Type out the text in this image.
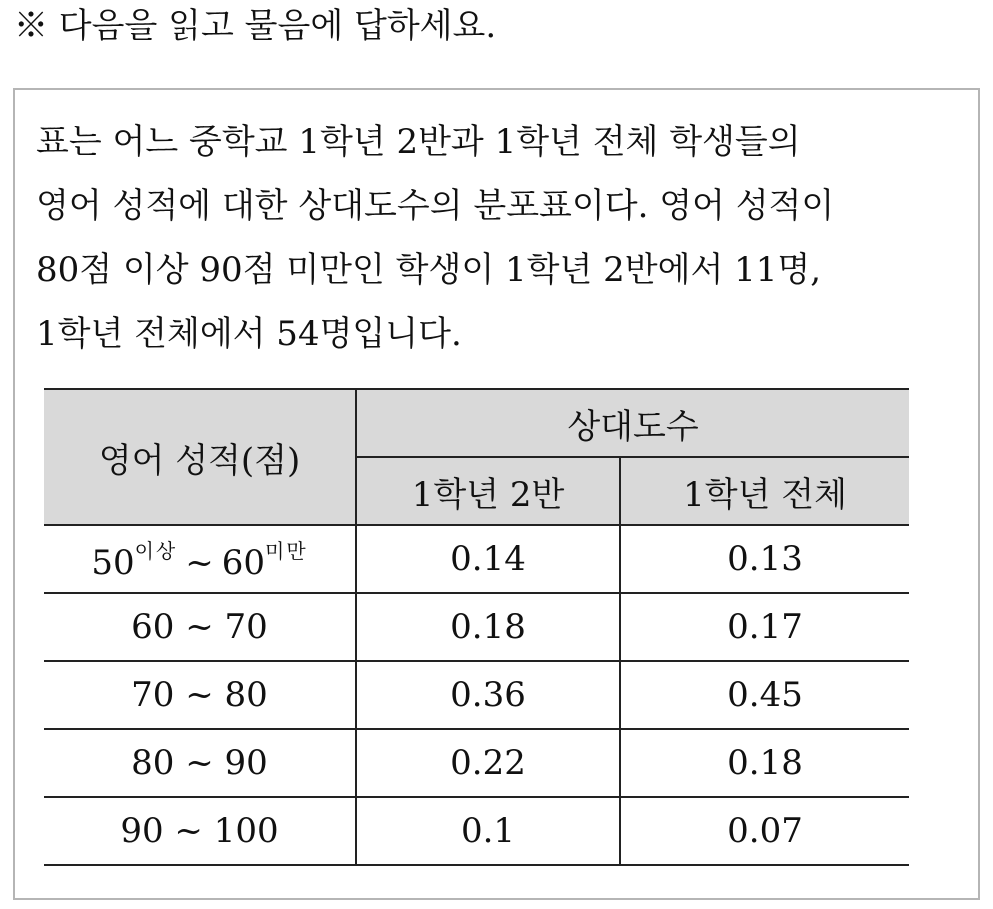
※ 다음을 읽고 물음에 답하세요.
표는 어느 중학교 1학년 2반과 1학년 전체 학생들의
영어 성적에 대한 상대도수의 분포표이다. 영어 성적이
80점 이상 90점 미만인 학생이 1학년 2반에서 11명,
1학년 전체에서 54명입니다.
영어 성적(점)	상대도수	
	1학년 2반	1학년 전체
$50^{이상}$ ~ $60^{미만}$	0.14	0.13
60 ~ 70	0.18	0.17
70 ~ 80	0.36	0.45
80 ~ 90	0.22	0.18
90 ~ 100	0.1	0.07
